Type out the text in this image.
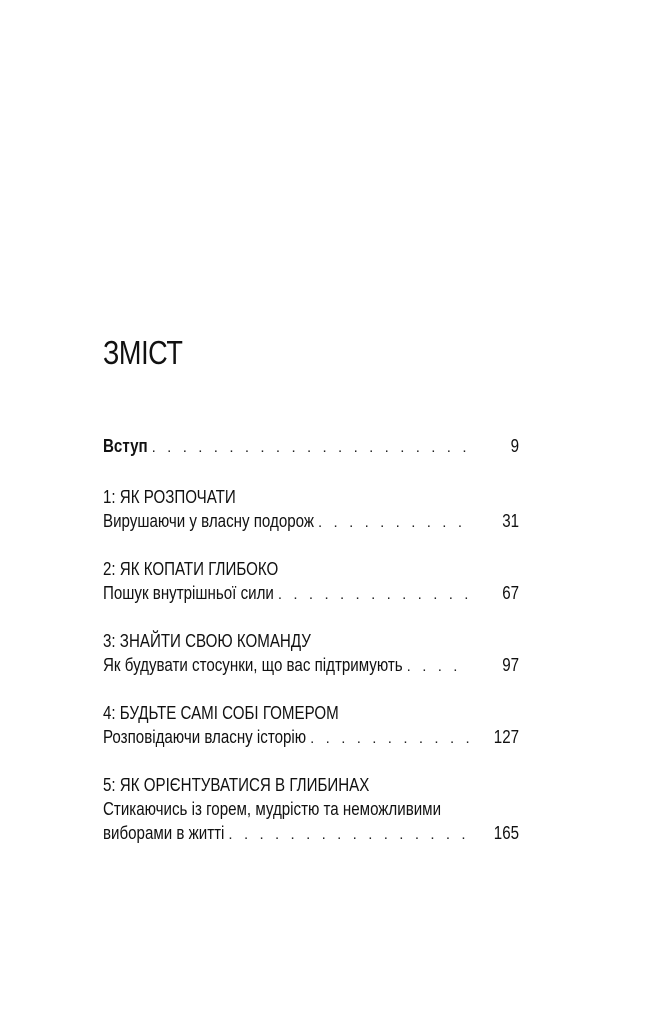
ЗМІСТ
Вступ . . .	9
1: ЯК РОЗПОЧАТИ
Вирушаючи у власну подорож . . .	31
2: ЯК КОПАТИ ГЛИБОКО
Пошук внутрішньої сили . . .	67
3: ЗНАЙТИ СВОЮ КОМАНДУ
Як будувати стосунки, що вас підтримують . . .	97
4: БУДЬТЕ САМІ СОБІ ГОМЕРОМ
Розповідаючи власну історію . . .	127
5: ЯК ОРІЄНТУВАТИСЯ В ГЛИБИНАХ
Стикаючись із горем, мудрістю та неможливими
виборами в житті . . .	165
